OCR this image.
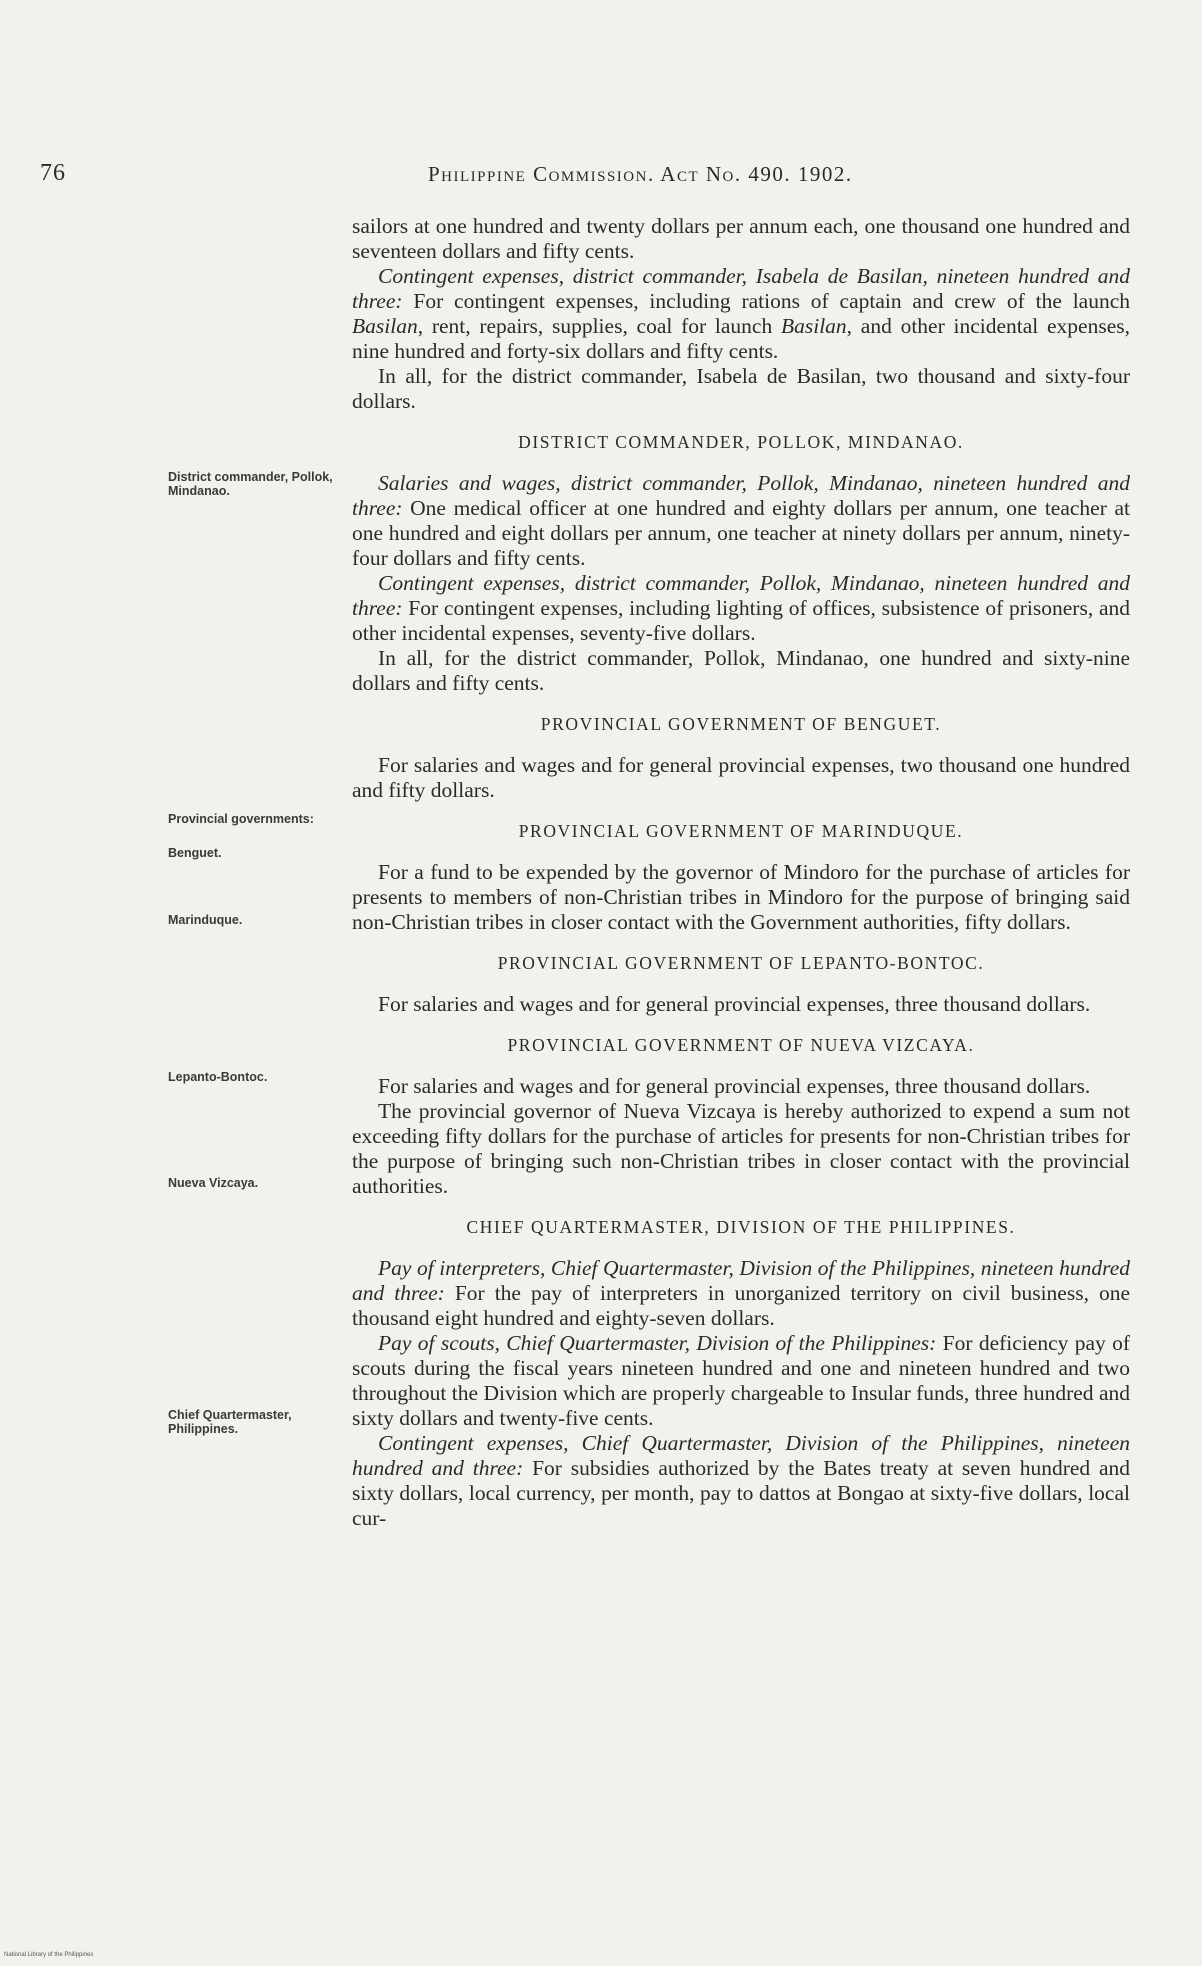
76	Philippine Commission. Act No. 490. 1902.
District commander, Pollok, Mindanao.
Provincial governments:
Benguet.
Marinduque.
Lepanto-Bontoc.
Nueva Vizcaya.
Chief Quartermaster, Philippines.

sailors at one hundred and twenty dollars per annum each, one thousand one hundred and seventeen dollars and fifty cents.

Contingent expenses, district commander, Isabela de Basilan, nineteen hundred and three: For contingent expenses, including rations of captain and crew of the launch Basilan, rent, repairs, supplies, coal for launch Basilan, and other incidental expenses, nine hundred and forty-six dollars and fifty cents.

In all, for the district commander, Isabela de Basilan, two thousand and sixty-four dollars.

DISTRICT COMMANDER, POLLOK, MINDANAO.

Salaries and wages, district commander, Pollok, Mindanao, nineteen hundred and three: One medical officer at one hundred and eighty dollars per annum, one teacher at one hundred and eight dollars per annum, one teacher at ninety dollars per annum, ninety-four dollars and fifty cents.

Contingent expenses, district commander, Pollok, Mindanao, nineteen hundred and three: For contingent expenses, including lighting of offices, subsistence of prisoners, and other incidental expenses, seventy-five dollars.

In all, for the district commander, Pollok, Mindanao, one hundred and sixty-nine dollars and fifty cents.

PROVINCIAL GOVERNMENT OF BENGUET.

For salaries and wages and for general provincial expenses, two thousand one hundred and fifty dollars.

PROVINCIAL GOVERNMENT OF MARINDUQUE.

For a fund to be expended by the governor of Mindoro for the purchase of articles for presents to members of non-Christian tribes in Mindoro for the purpose of bringing said non-Christian tribes in closer contact with the Government authorities, fifty dollars.

PROVINCIAL GOVERNMENT OF LEPANTO-BONTOC.

For salaries and wages and for general provincial expenses, three thousand dollars.

PROVINCIAL GOVERNMENT OF NUEVA VIZCAYA.

For salaries and wages and for general provincial expenses, three thousand dollars.

The provincial governor of Nueva Vizcaya is hereby authorized to expend a sum not exceeding fifty dollars for the purchase of articles for presents for non-Christian tribes for the purpose of bringing such non-Christian tribes in closer contact with the provincial authorities.

CHIEF QUARTERMASTER, DIVISION OF THE PHILIPPINES.

Pay of interpreters, Chief Quartermaster, Division of the Philippines, nineteen hundred and three: For the pay of interpreters in unorganized territory on civil business, one thousand eight hundred and eighty-seven dollars.

Pay of scouts, Chief Quartermaster, Division of the Philippines: For deficiency pay of scouts during the fiscal years nineteen hundred and one and nineteen hundred and two throughout the Division which are properly chargeable to Insular funds, three hundred and sixty dollars and twenty-five cents.

Contingent expenses, Chief Quartermaster, Division of the Philippines, nineteen hundred and three: For subsidies authorized by the Bates treaty at seven hundred and sixty dollars, local currency, per month, pay to dattos at Bongao at sixty-five dollars, local cur-

National Library of the Philippines
